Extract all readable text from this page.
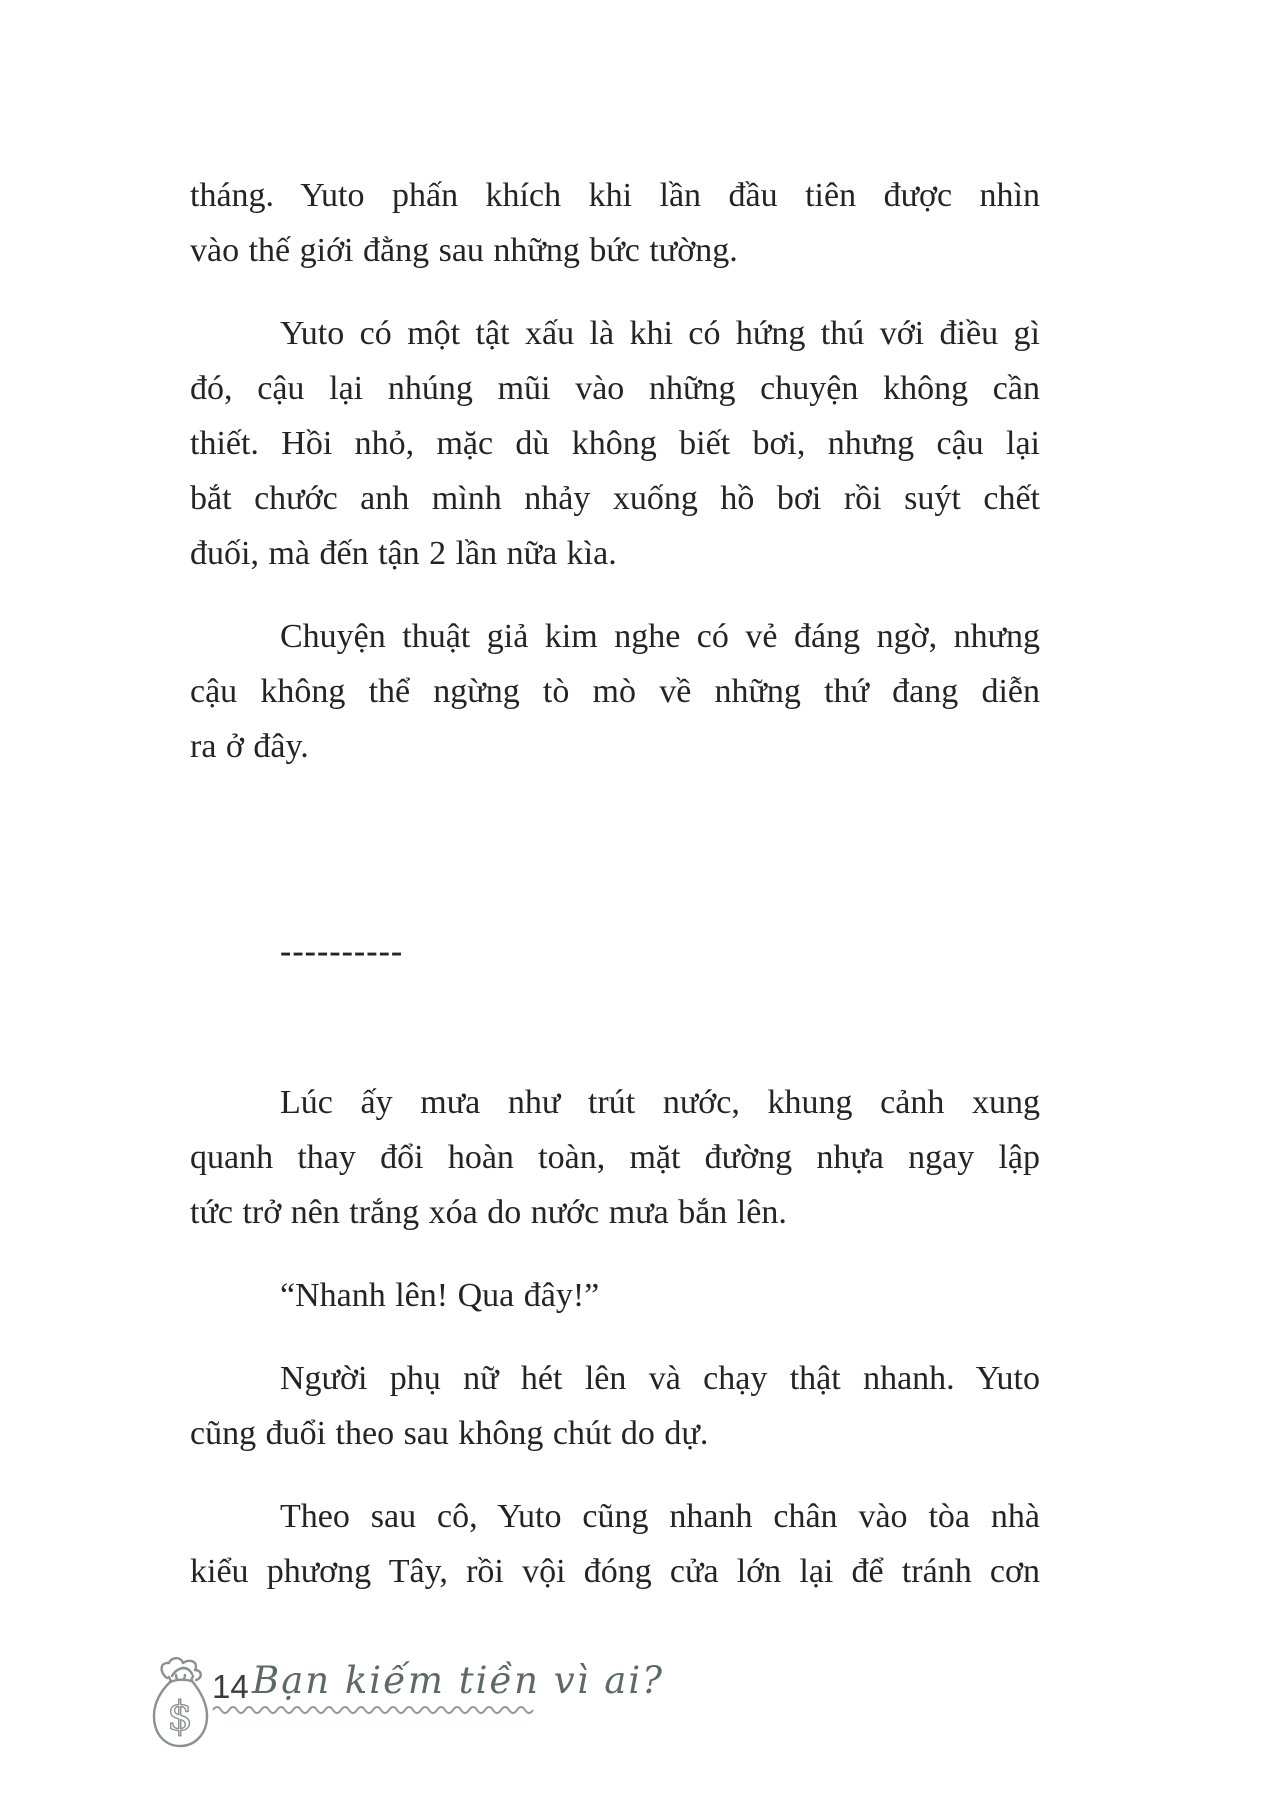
tháng. Yuto phấn khích khi lần đầu tiên được nhìn
vào thế giới đằng sau những bức tường.
Yuto có một tật xấu là khi có hứng thú với điều gì
đó, cậu lại nhúng mũi vào những chuyện không cần
thiết. Hồi nhỏ, mặc dù không biết bơi, nhưng cậu lại
bắt chước anh mình nhảy xuống hồ bơi rồi suýt chết
đuối, mà đến tận 2 lần nữa kìa.
Chuyện thuật giả kim nghe có vẻ đáng ngờ, nhưng
cậu không thể ngừng tò mò về những thứ đang diễn
ra ở đây.
----------
Lúc ấy mưa như trút nước, khung cảnh xung
quanh thay đổi hoàn toàn, mặt đường nhựa ngay lập
tức trở nên trắng xóa do nước mưa bắn lên.
“Nhanh lên! Qua đây!”
Người phụ nữ hét lên và chạy thật nhanh. Yuto
cũng đuổi theo sau không chút do dự.
Theo sau cô, Yuto cũng nhanh chân vào tòa nhà
kiểu phương Tây, rồi vội đóng cửa lớn lại để tránh cơn
$
14 Bạn kiếm tiền vì ai?
